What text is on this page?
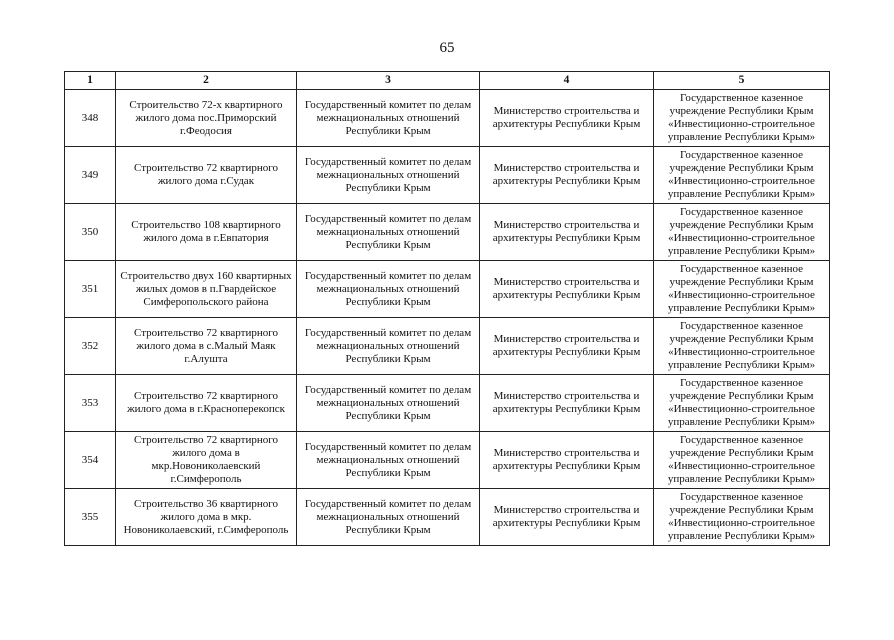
65
1	2	3	4	5
348	Строительство 72-х квартирного жилого дома пос.Приморский г.Феодосия	Государственный комитет по делам межнациональных отношений Республики Крым	Министерство строительства и архитектуры Республики Крым	Государственное казенное учреждение Республики Крым «Инвестиционно-строительное управление Республики Крым»
349	Строительство 72 квартирного жилого дома г.Судак	Государственный комитет по делам межнациональных отношений Республики Крым	Министерство строительства и архитектуры Республики Крым	Государственное казенное учреждение Республики Крым «Инвестиционно-строительное управление Республики Крым»
350	Строительство 108 квартирного жилого дома в г.Евпатория	Государственный комитет по делам межнациональных отношений Республики Крым	Министерство строительства и архитектуры Республики Крым	Государственное казенное учреждение Республики Крым «Инвестиционно-строительное управление Республики Крым»
351	Строительство двух 160 квартирных жилых домов в п.Гвардейское Симферопольского района	Государственный комитет по делам межнациональных отношений Республики Крым	Министерство строительства и архитектуры Республики Крым	Государственное казенное учреждение Республики Крым «Инвестиционно-строительное управление Республики Крым»
352	Строительство 72 квартирного жилого дома в с.Малый Маяк г.Алушта	Государственный комитет по делам межнациональных отношений Республики Крым	Министерство строительства и архитектуры Республики Крым	Государственное казенное учреждение Республики Крым «Инвестиционно-строительное управление Республики Крым»
353	Строительство 72 квартирного жилого дома в г.Красноперекопск	Государственный комитет по делам межнациональных отношений Республики Крым	Министерство строительства и архитектуры Республики Крым	Государственное казенное учреждение Республики Крым «Инвестиционно-строительное управление Республики Крым»
354	Строительство 72 квартирного жилого дома в мкр.Новониколаевский г.Симферополь	Государственный комитет по делам межнациональных отношений Республики Крым	Министерство строительства и архитектуры Республики Крым	Государственное казенное учреждение Республики Крым «Инвестиционно-строительное управление Республики Крым»
355	Строительство 36 квартирного жилого дома в мкр. Новониколаевский, г.Симферополь	Государственный комитет по делам межнациональных отношений Республики Крым	Министерство строительства и архитектуры Республики Крым	Государственное казенное учреждение Республики Крым «Инвестиционно-строительное управление Республики Крым»
